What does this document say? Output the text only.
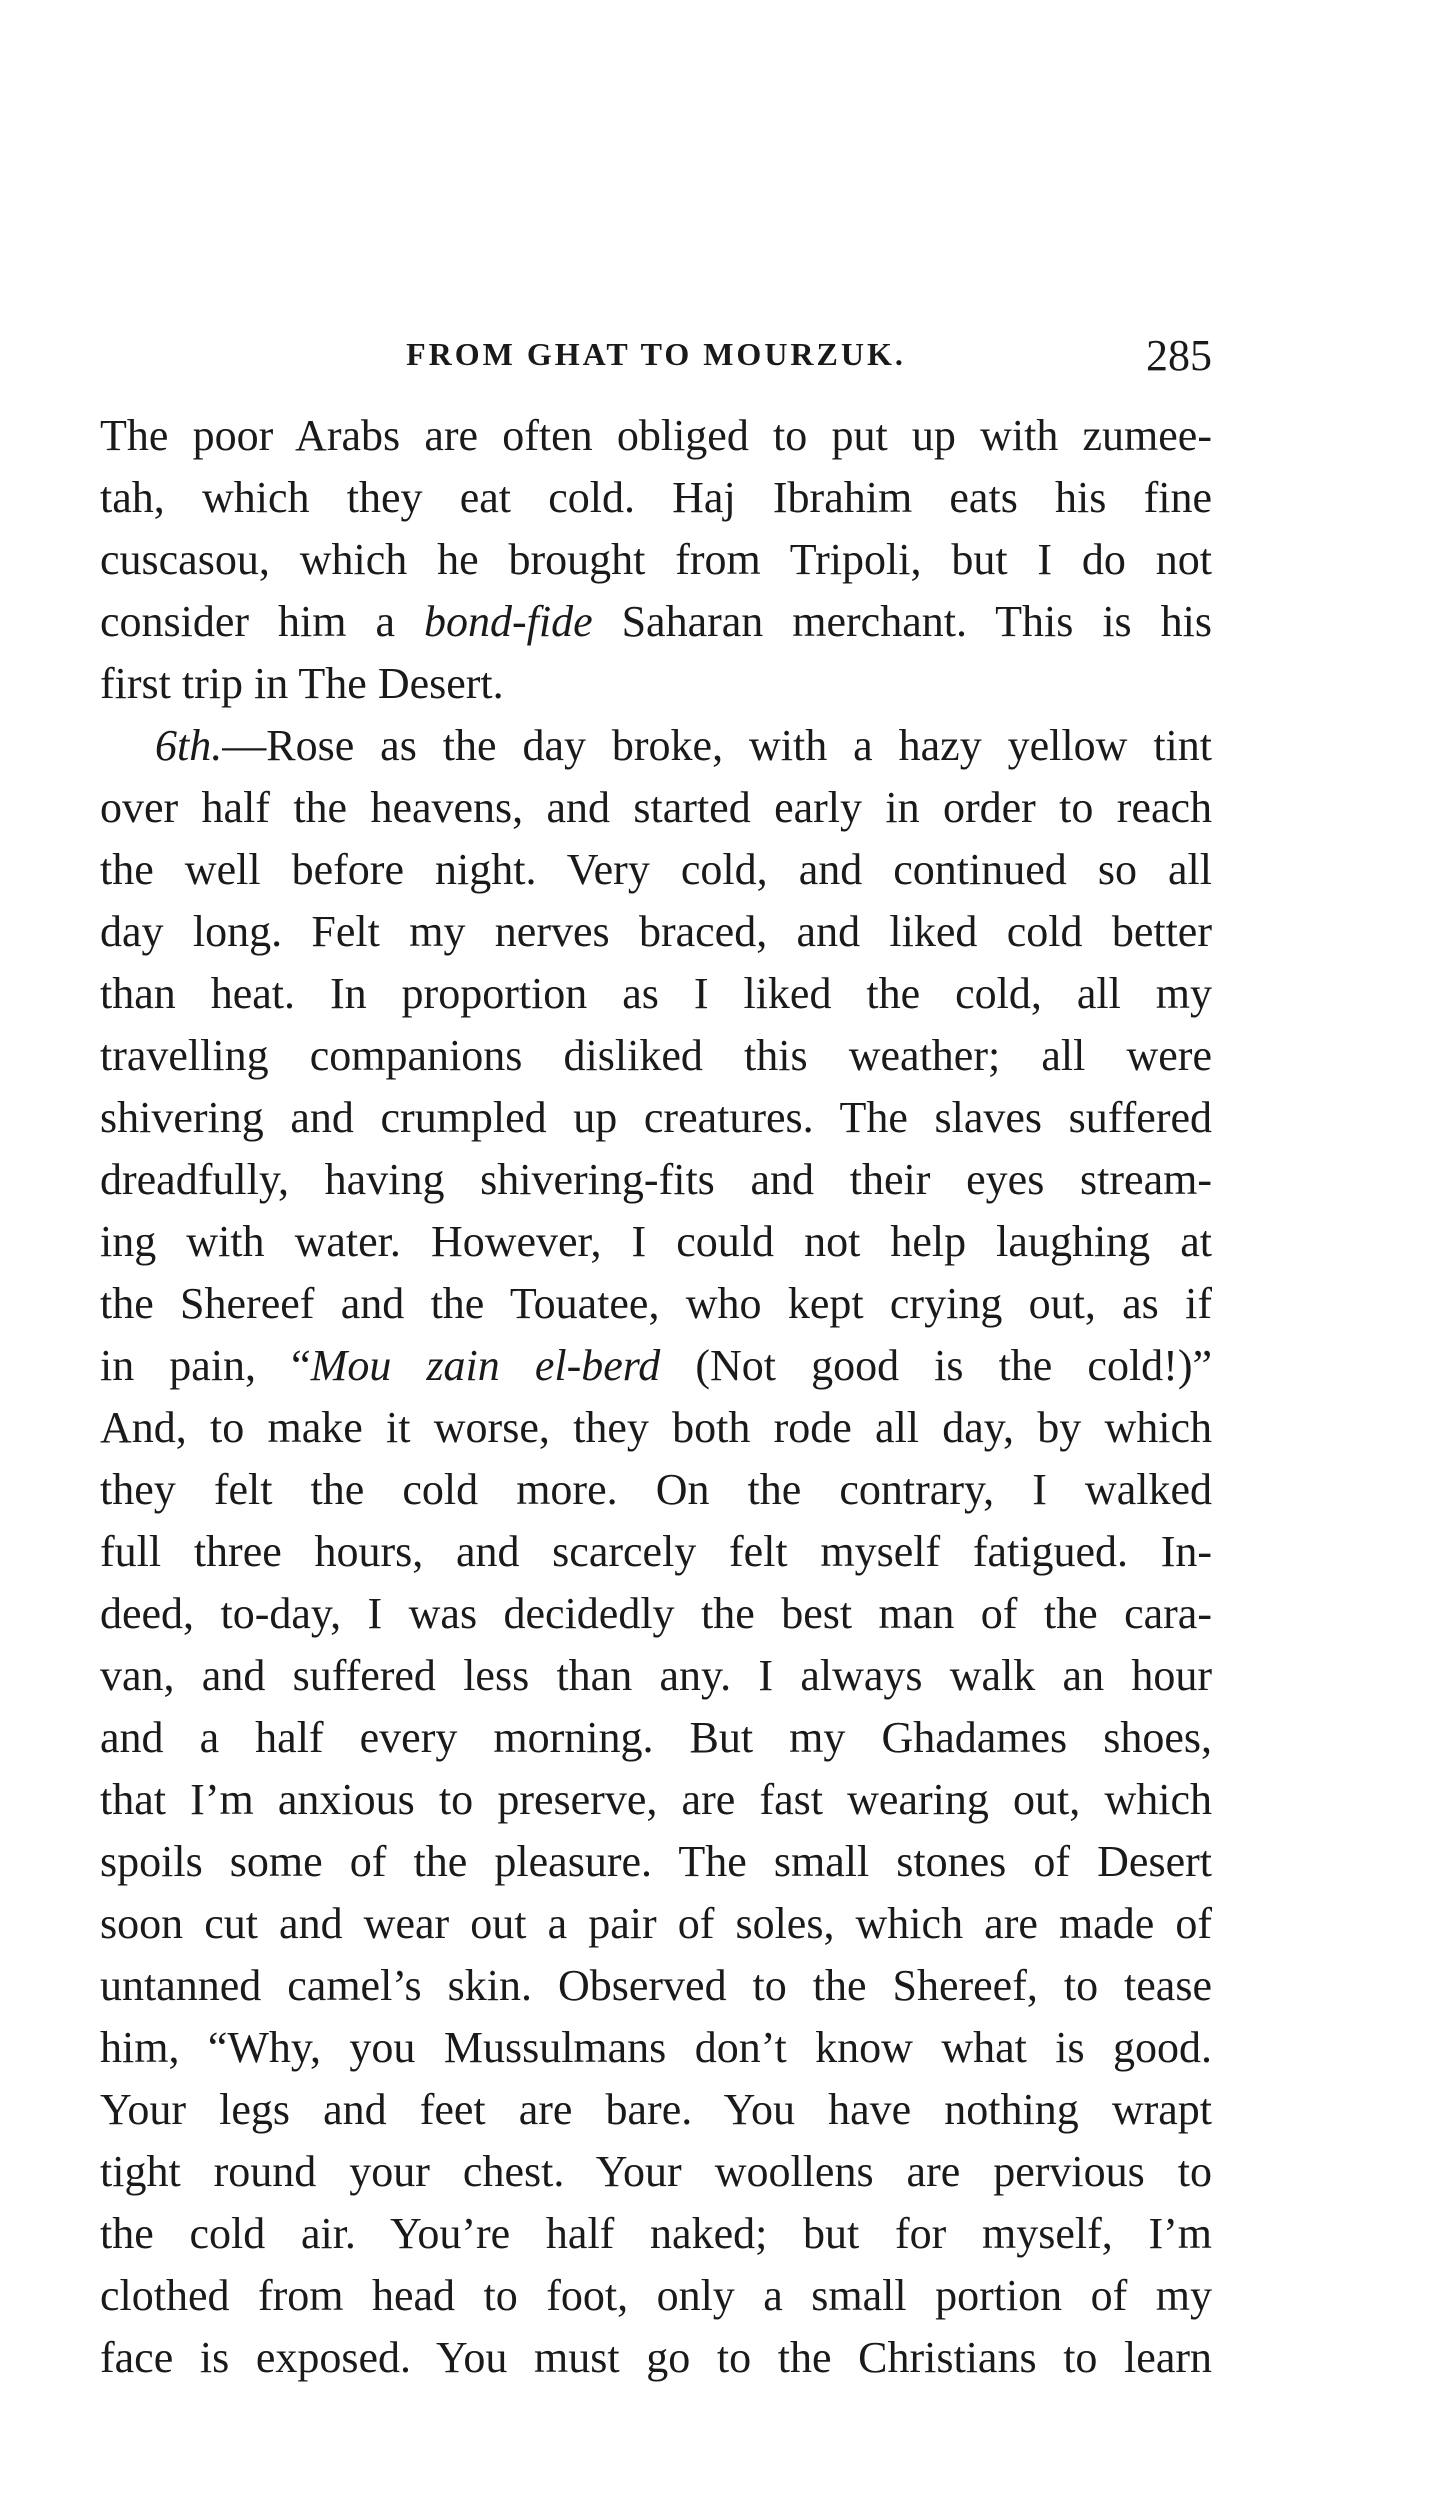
FROM GHAT TO MOURZUK.	285
The poor Arabs are often obliged to put up with zumee-
tah, which they eat cold. Haj Ibrahim eats his fine
cuscasou, which he brought from Tripoli, but I do not
consider him a bond-fide Saharan merchant. This is his
first trip in The Desert.
6th.—Rose as the day broke, with a hazy yellow tint
over half the heavens, and started early in order to reach
the well before night. Very cold, and continued so all
day long. Felt my nerves braced, and liked cold better
than heat. In proportion as I liked the cold, all my
travelling companions disliked this weather; all were
shivering and crumpled up creatures. The slaves suffered
dreadfully, having shivering-fits and their eyes stream-
ing with water. However, I could not help laughing at
the Shereef and the Touatee, who kept crying out, as if
in pain, “Mou zain el-berd (Not good is the cold!)”
And, to make it worse, they both rode all day, by which
they felt the cold more. On the contrary, I walked
full three hours, and scarcely felt myself fatigued. In-
deed, to-day, I was decidedly the best man of the cara-
van, and suffered less than any. I always walk an hour
and a half every morning. But my Ghadames shoes,
that I’m anxious to preserve, are fast wearing out, which
spoils some of the pleasure. The small stones of Desert
soon cut and wear out a pair of soles, which are made of
untanned camel’s skin. Observed to the Shereef, to tease
him, “Why, you Mussulmans don’t know what is good.
Your legs and feet are bare. You have nothing wrapt
tight round your chest. Your woollens are pervious to
the cold air. You’re half naked; but for myself, I’m
clothed from head to foot, only a small portion of my
face is exposed. You must go to the Christians to learn
